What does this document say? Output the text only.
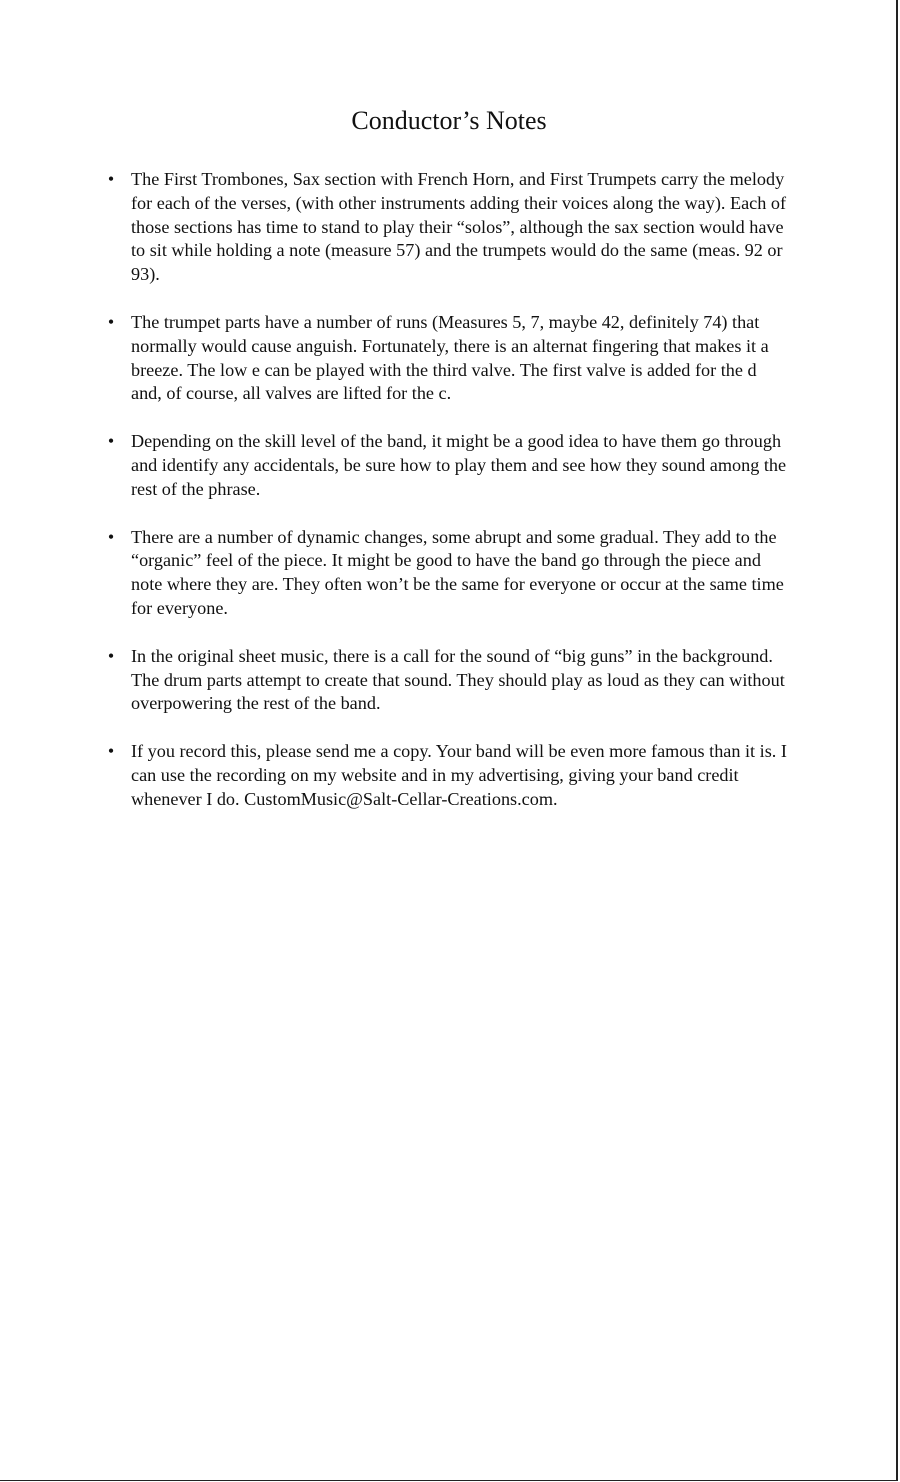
Conductor’s Notes
• The First Trombones, Sax section with French Horn, and First Trumpets carry the melody for each of the verses, (with other instruments adding their voices along the way). Each of those sections has time to stand to play their “solos”, although the sax section would have to sit while holding a note (measure 57) and the trumpets would do the same (meas. 92 or 93).
• The trumpet parts have a number of runs (Measures 5, 7, maybe 42, definitely 74) that normally would cause anguish. Fortunately, there is an alternat fingering that makes it a breeze. The low e can be played with the third valve. The first valve is added for the d and, of course, all valves are lifted for the c.
• Depending on the skill level of the band, it might be a good idea to have them go through and identify any accidentals, be sure how to play them and see how they sound among the rest of the phrase.
• There are a number of dynamic changes, some abrupt and some gradual. They add to the “organic” feel of the piece. It might be good to have the band go through the piece and note where they are. They often won’t be the same for everyone or occur at the same time for everyone.
• In the original sheet music, there is a call for the sound of “big guns” in the background. The drum parts attempt to create that sound. They should play as loud as they can without overpowering the rest of the band.
• If you record this, please send me a copy. Your band will be even more famous than it is. I can use the recording on my website and in my advertising, giving your band credit whenever I do. CustomMusic@Salt-Cellar-Creations.com.
